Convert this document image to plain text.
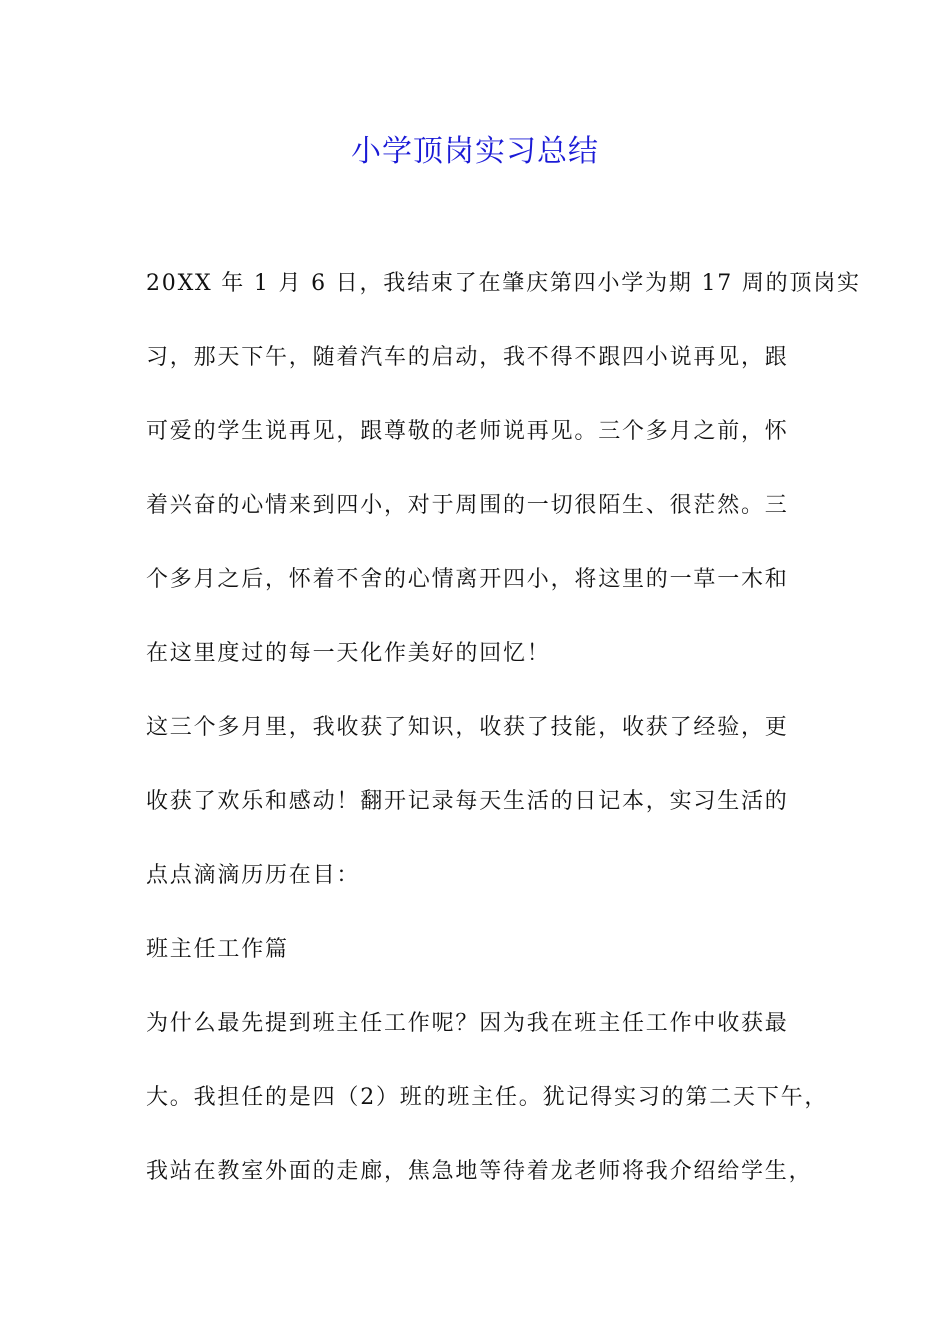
小学顶岗实习总结
20XX 年 1 月 6 日，我结束了在肇庆第四小学为期 17 周的顶岗实
习，那天下午，随着汽车的启动，我不得不跟四小说再见，跟
可爱的学生说再见，跟尊敬的老师说再见。三个多月之前，怀
着兴奋的心情来到四小，对于周围的一切很陌生、很茫然。三
个多月之后，怀着不舍的心情离开四小，将这里的一草一木和
在这里度过的每一天化作美好的回忆！
这三个多月里，我收获了知识，收获了技能，收获了经验，更
收获了欢乐和感动！翻开记录每天生活的日记本，实习生活的
点点滴滴历历在目：
班主任工作篇
为什么最先提到班主任工作呢？因为我在班主任工作中收获最
大。我担任的是四（2）班的班主任。犹记得实习的第二天下午，
我站在教室外面的走廊，焦急地等待着龙老师将我介绍给学生，
